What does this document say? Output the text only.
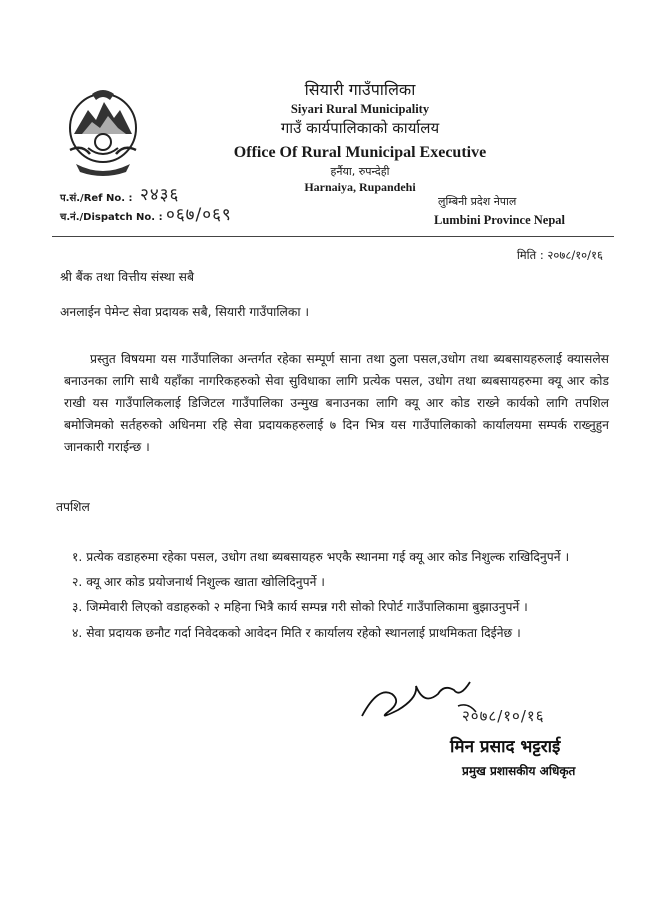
सियारी गाउँपालिका
Siyari Rural Municipality
गाउँ कार्यपालिकाको कार्यालय
Office Of Rural Municipal Executive
हर्नैया, रुपन्देही
Harnaiya, Rupandehi
प.सं./Ref No. : २४३६
च.नं./Dispatch No. : ०६७/०६९
लुम्बिनी प्रदेश नेपाल
Lumbini Province Nepal
मिति : २०७८/१०/१६
श्री बैंक तथा वित्तीय संस्था सबै
अनलाईन पेमेन्ट सेवा प्रदायक सबै, सियारी गाउँपालिका ।
प्रस्तुत विषयमा यस गाउँपालिका अन्तर्गत रहेका सम्पूर्ण साना तथा ठुला पसल,उधोग तथा ब्यबसायहरुलाई क्यासलेस बनाउनका लागि साथै यहाँका नागरिकहरुको सेवा सुविधाका लागि प्रत्येक पसल, उधोग तथा ब्यबसायहरुमा क्यू आर कोड राखी यस गाउँपालिकलाई डिजिटल गाउँपालिका उन्मुख बनाउनका लागि क्यू आर कोड राख्ने कार्यको लागि तपशिल बमोजिमको सर्तहरुको अधिनमा रहि सेवा प्रदायकहरुलाई ७ दिन भित्र यस गाउँपालिकाको कार्यालयमा सम्पर्क राख्नुहुन जानकारी गराईन्छ ।
तपशिल
१. प्रत्येक वडाहरुमा रहेका पसल, उधोग तथा ब्यबसायहरु भएकै स्थानमा गई क्यू आर कोड निशुल्क राखिदिनुपर्ने ।
२. क्यू आर कोड प्रयोजनार्थ निशुल्क खाता खोलिदिनुपर्ने ।
३. जिम्मेवारी लिएको वडाहरुको २ महिना भित्रै कार्य सम्पन्न गरी सोको रिपोर्ट गाउँपालिकामा बुझाउनुपर्ने ।
४. सेवा प्रदायक छनौट गर्दा निवेदकको आवेदन मिति र कार्यालय रहेको स्थानलाई प्राथमिकता दिईनेछ ।
२०७८/१०/१६
मिन प्रसाद भट्टराई
प्रमुख प्रशासकीय अधिकृत
